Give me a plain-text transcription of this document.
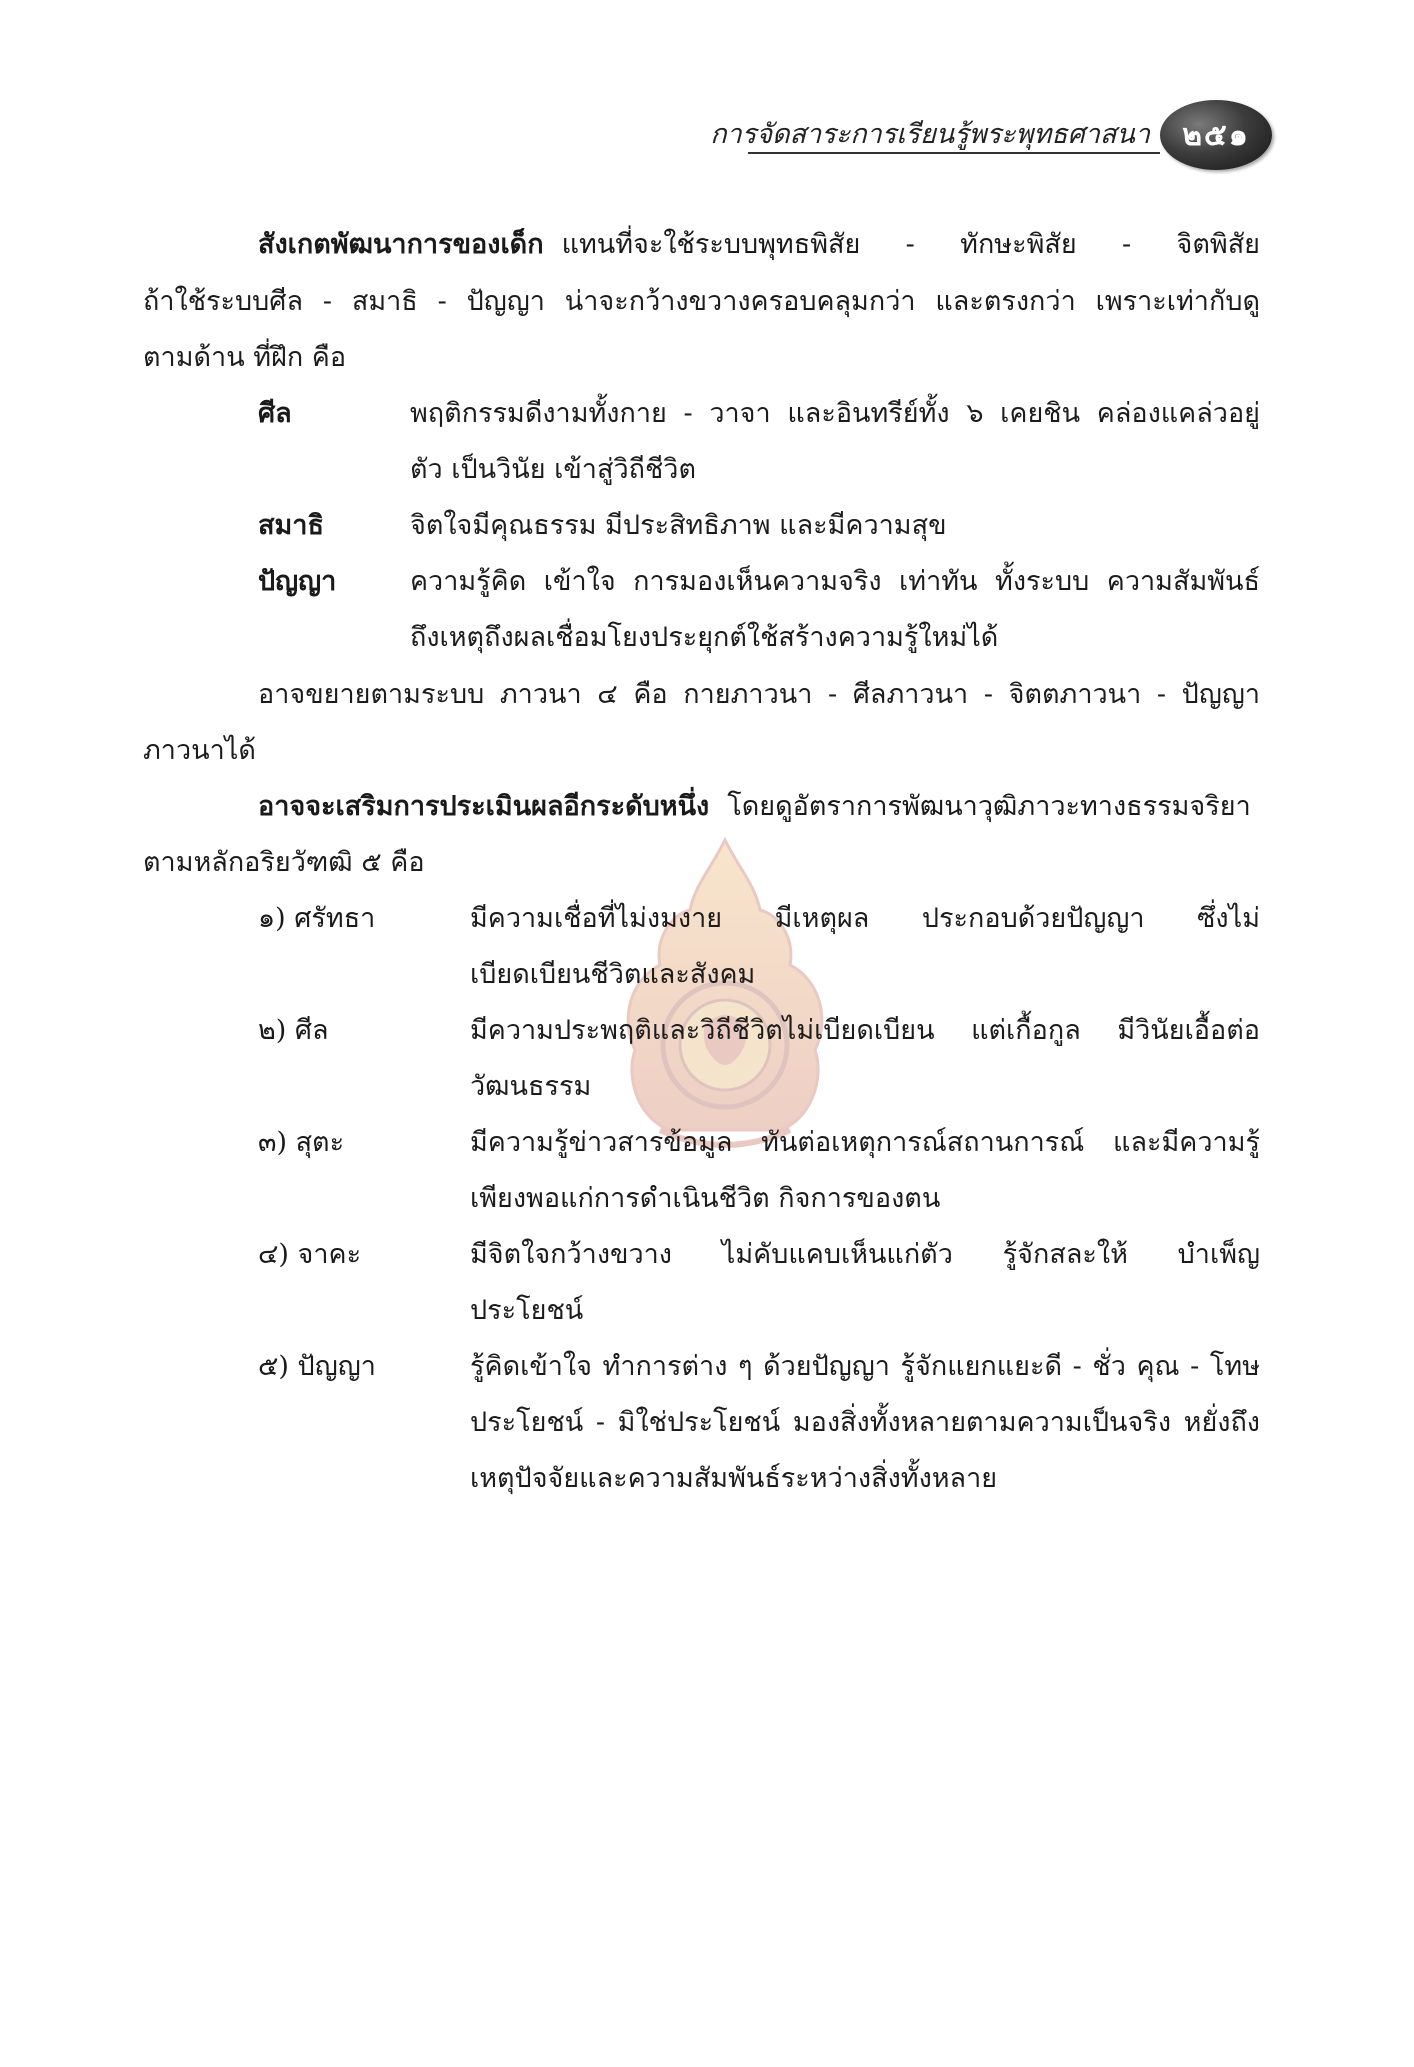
การจัดสาระการเรียนรู้พระพุทธศาสนา ๒๕๑
สังเกตพัฒนาการของเด็ก แทนที่จะใช้ระบบพุทธพิสัย - ทักษะพิสัย - จิตพิสัย
ถ้าใช้ระบบศีล - สมาธิ - ปัญญา น่าจะกว้างขวางครอบคลุมกว่า และตรงกว่า เพราะเท่ากับดู
ตามด้าน ที่ฝึก คือ
ศีล	พฤติกรรมดีงามทั้งกาย - วาจา และอินทรีย์ทั้ง ๖ เคยชิน คล่องแคล่วอยู่
ตัว เป็นวินัย เข้าสู่วิถีชีวิต
สมาธิ	จิตใจมีคุณธรรม มีประสิทธิภาพ และมีความสุข
ปัญญา	ความรู้คิด เข้าใจ การมองเห็นความจริง เท่าทัน ทั้งระบบ ความสัมพันธ์
ถึงเหตุถึงผลเชื่อมโยงประยุกต์ใช้สร้างความรู้ใหม่ได้
อาจขยายตามระบบ ภาวนา ๔ คือ กายภาวนา - ศีลภาวนา - จิตตภาวนา - ปัญญา
ภาวนาได้
อาจจะเสริมการประเมินผลอีกระดับหนึ่ง โดยดูอัตราการพัฒนาวุฒิภาวะทางธรรมจริยา
ตามหลักอริยวัฑฒิ ๕ คือ
๑) ศรัทธา	มีความเชื่อที่ไม่งมงาย มีเหตุผล ประกอบด้วยปัญญา ซึ่งไม่
เบียดเบียนชีวิตและสังคม
๒) ศีล	มีความประพฤติและวิถีชีวิตไม่เบียดเบียน แต่เกื้อกูล มีวินัยเอื้อต่อ
วัฒนธรรม
๓) สุตะ	มีความรู้ข่าวสารข้อมูล ทันต่อเหตุการณ์สถานการณ์ และมีความรู้
เพียงพอแก่การดำเนินชีวิต กิจการของตน
๔) จาคะ	มีจิตใจกว้างขวาง ไม่คับแคบเห็นแก่ตัว รู้จักสละให้ บำเพ็ญ
ประโยชน์
๕) ปัญญา	รู้คิดเข้าใจ ทำการต่าง ๆ ด้วยปัญญา รู้จักแยกแยะดี - ชั่ว คุณ - โทษ
ประโยชน์ - มิใช่ประโยชน์ มองสิ่งทั้งหลายตามความเป็นจริง หยั่งถึง
เหตุปัจจัยและความสัมพันธ์ระหว่างสิ่งทั้งหลาย
